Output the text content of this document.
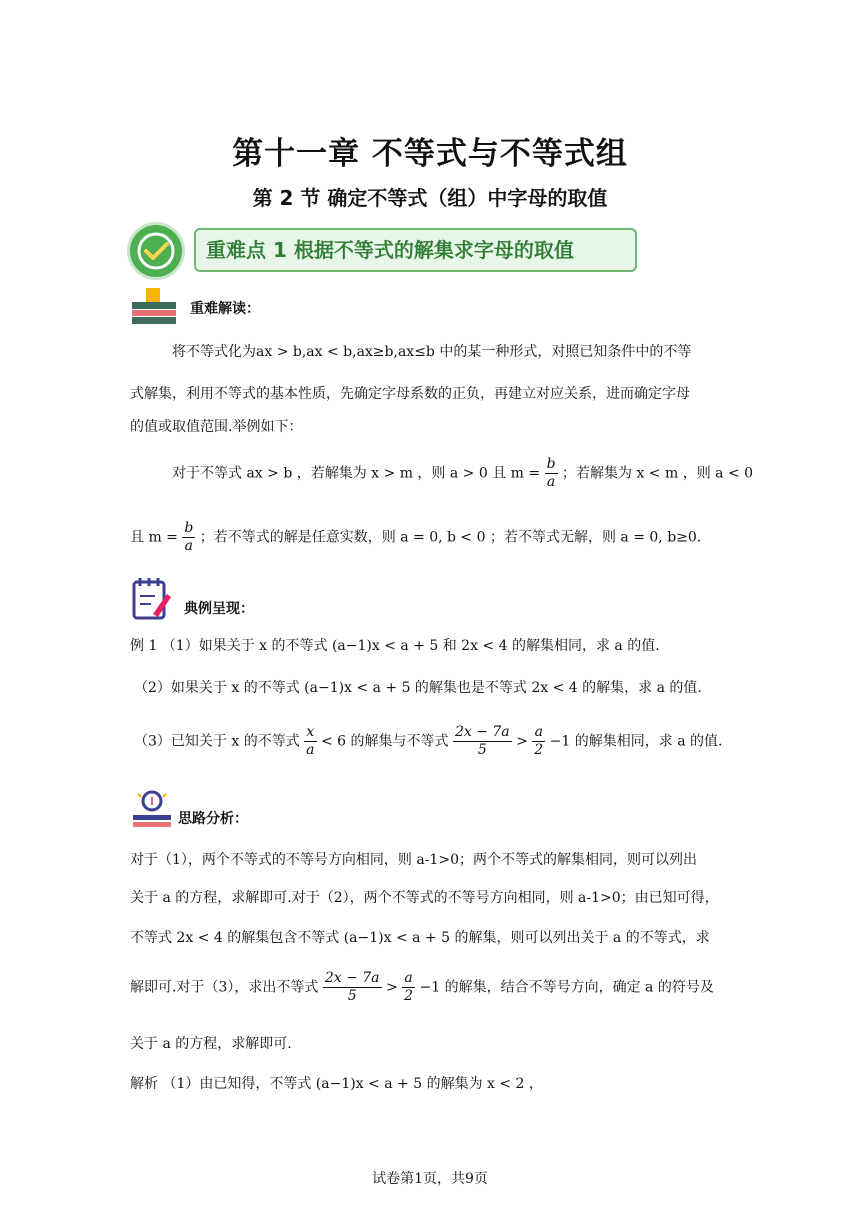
第十一章 不等式与不等式组
第 2 节 确定不等式（组）中字母的取值
重难点 1 根据不等式的解集求字母的取值
重难解读：
将不等式化为ax > b,ax < b,ax≥b,ax≤b 中的某一种形式，对照已知条件中的不等
式解集，利用不等式的基本性质，先确定字母系数的正负，再建立对应关系，进而确定字母
的值或取值范围.举例如下：
对于不等式 ax > b ，若解集为 x > m ，则 a > 0 且 $m = \frac{b}{a}$ ；若解集为 x < m ，则 a < 0
且 $m = \frac{b}{a}$ ；若不等式的解是任意实数，则 a = 0, b < 0 ；若不等式无解，则 a = 0, b≥0.
典例呈现：
例 1 （1）如果关于 x 的不等式 (a−1)x < a + 5 和 2x < 4 的解集相同，求 a 的值.
（2）如果关于 x 的不等式 (a−1)x < a + 5 的解集也是不等式 2x < 4 的解集，求 a 的值.
（3）已知关于 x 的不等式 $\frac{x}{a} < 6$ 的解集与不等式 $\frac{2x - 7a}{5} > \frac{a}{2} -1$ 的解集相同，求 a 的值.
思路分析：
对于（1），两个不等式的不等号方向相同，则 a-1>0；两个不等式的解集相同，则可以列出
关于 a 的方程，求解即可.对于（2），两个不等式的不等号方向相同，则 a-1>0；由已知可得，
不等式 2x < 4 的解集包含不等式 (a−1)x < a + 5 的解集，则可以列出关于 a 的不等式，求
解即可.对于（3），求出不等式 $\frac{2x - 7a}{5} > \frac{a}{2} -1$ 的解集，结合不等号方向，确定 a 的符号及
关于 a 的方程，求解即可.
解析 （1）由已知得，不等式 (a−1)x < a + 5 的解集为 x < 2 ，
试卷第1页，共9页
